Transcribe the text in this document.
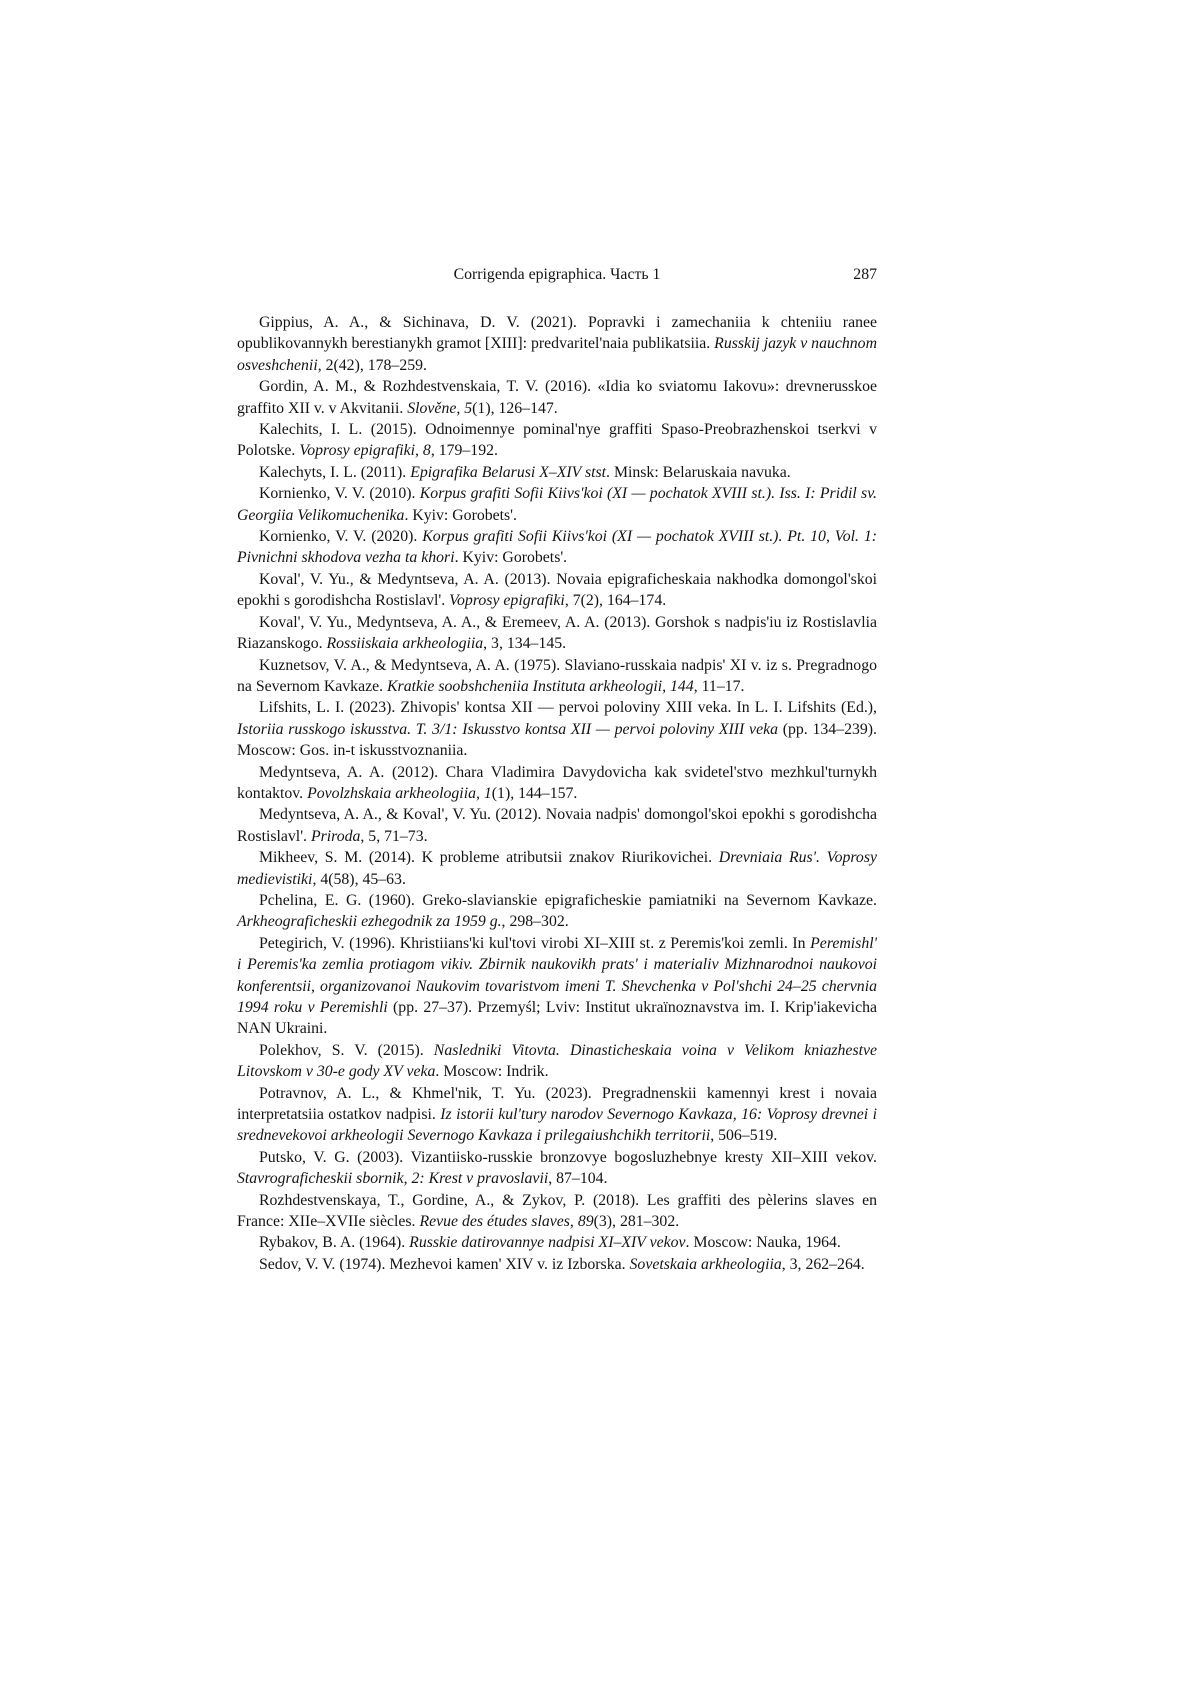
Corrigenda epigraphica. Часть 1	287

Gippius, A. A., & Sichinava, D. V. (2021). Popravki i zamechaniia k chteniiu ranee opublikovannykh berestianykh gramot [XIII]: predvaritel'naia publikatsiia. Russkij jazyk v nauchnom osveshchenii, 2(42), 178–259.

Gordin, A. M., & Rozhdestvenskaia, T. V. (2016). «Idia ko sviatomu Iakovu»: drevnerusskoe graffito XII v. v Akvitanii. Slověne, 5(1), 126–147.

Kalechits, I. L. (2015). Odnoimennye pominal'nye graffiti Spaso-Preobrazhenskoi tserkvi v Polotske. Voprosy epigrafiki, 8, 179–192.

Kalechyts, I. L. (2011). Epigrafika Belarusi X–XIV stst. Minsk: Belaruskaia navuka.

Kornienko, V. V. (2010). Korpus grafiti Sofii Kiivs'koi (XI — pochatok XVIII st.). Iss. I: Pridil sv. Georgiia Velikomuchenika. Kyiv: Gorobets'.

Kornienko, V. V. (2020). Korpus grafiti Sofii Kiivs'koi (XI — pochatok XVIII st.). Pt. 10, Vol. 1: Pivnichni skhodova vezha ta khori. Kyiv: Gorobets'.

Koval', V. Yu., & Medyntseva, A. A. (2013). Novaia epigraficheskaia nakhodka domongol'skoi epokhi s gorodishcha Rostislavl'. Voprosy epigrafiki, 7(2), 164–174.

Koval', V. Yu., Medyntseva, A. A., & Eremeev, A. A. (2013). Gorshok s nadpis'iu iz Rostislavlia Riazanskogo. Rossiiskaia arkheologiia, 3, 134–145.

Kuznetsov, V. A., & Medyntseva, A. A. (1975). Slaviano-russkaia nadpis' XI v. iz s. Pregradnogo na Severnom Kavkaze. Kratkie soobshcheniia Instituta arkheologii, 144, 11–17.

Lifshits, L. I. (2023). Zhivopis' kontsa XII — pervoi poloviny XIII veka. In L. I. Lifshits (Ed.), Istoriia russkogo iskusstva. T. 3/1: Iskusstvo kontsa XII — pervoi poloviny XIII veka (pp. 134–239). Moscow: Gos. in-t iskusstvoznaniia.

Medyntseva, A. A. (2012). Chara Vladimira Davydovicha kak svidetel'stvo mezhkul'turnykh kontaktov. Povolzhskaia arkheologiia, 1(1), 144–157.

Medyntseva, A. A., & Koval', V. Yu. (2012). Novaia nadpis' domongol'skoi epokhi s gorodishcha Rostislavl'. Priroda, 5, 71–73.

Mikheev, S. M. (2014). K probleme atributsii znakov Riurikovichei. Drevniaia Rus'. Voprosy medievistiki, 4(58), 45–63.

Pchelina, E. G. (1960). Greko-slavianskie epigraficheskie pamiatniki na Severnom Kavkaze. Arkheograficheskii ezhegodnik za 1959 g., 298–302.

Petegirich, V. (1996). Khristiians'ki kul'tovi virobi XI–XIII st. z Peremis'koi zemli. In Peremishl' i Peremis'ka zemlia protiagom vikiv. Zbirnik naukovikh prats' i materialiv Mizhnarodnoi naukovoi konferentsii, organizovanoi Naukovim tovaristvom imeni T. Shevchenka v Pol'shchi 24–25 chervnia 1994 roku v Peremishli (pp. 27–37). Przemyśl; Lviv: Institut ukraïnoznavstva im. I. Krip'iakevicha NAN Ukraini.

Polekhov, S. V. (2015). Nasledniki Vitovta. Dinasticheskaia voina v Velikom kniazhestve Litovskom v 30-e gody XV veka. Moscow: Indrik.

Potravnov, A. L., & Khmel'nik, T. Yu. (2023). Pregradnenskii kamennyi krest i novaia interpretatsiia ostatkov nadpisi. Iz istorii kul'tury narodov Severnogo Kavkaza, 16: Voprosy drevnei i srednevekovoi arkheologii Severnogo Kavkaza i prilegaiushchikh territorii, 506–519.

Putsko, V. G. (2003). Vizantiisko-russkie bronzovye bogosluzhebnye kresty XII–XIII vekov. Stavrograficheskii sbornik, 2: Krest v pravoslavii, 87–104.

Rozhdestvenskaya, T., Gordine, A., & Zykov, P. (2018). Les graffiti des pèlerins slaves en France: XIIe–XVIIe siècles. Revue des études slaves, 89(3), 281–302.

Rybakov, B. A. (1964). Russkie datirovannye nadpisi XI–XIV vekov. Moscow: Nauka, 1964.

Sedov, V. V. (1974). Mezhevoi kamen' XIV v. iz Izborska. Sovetskaia arkheologiia, 3, 262–264.
